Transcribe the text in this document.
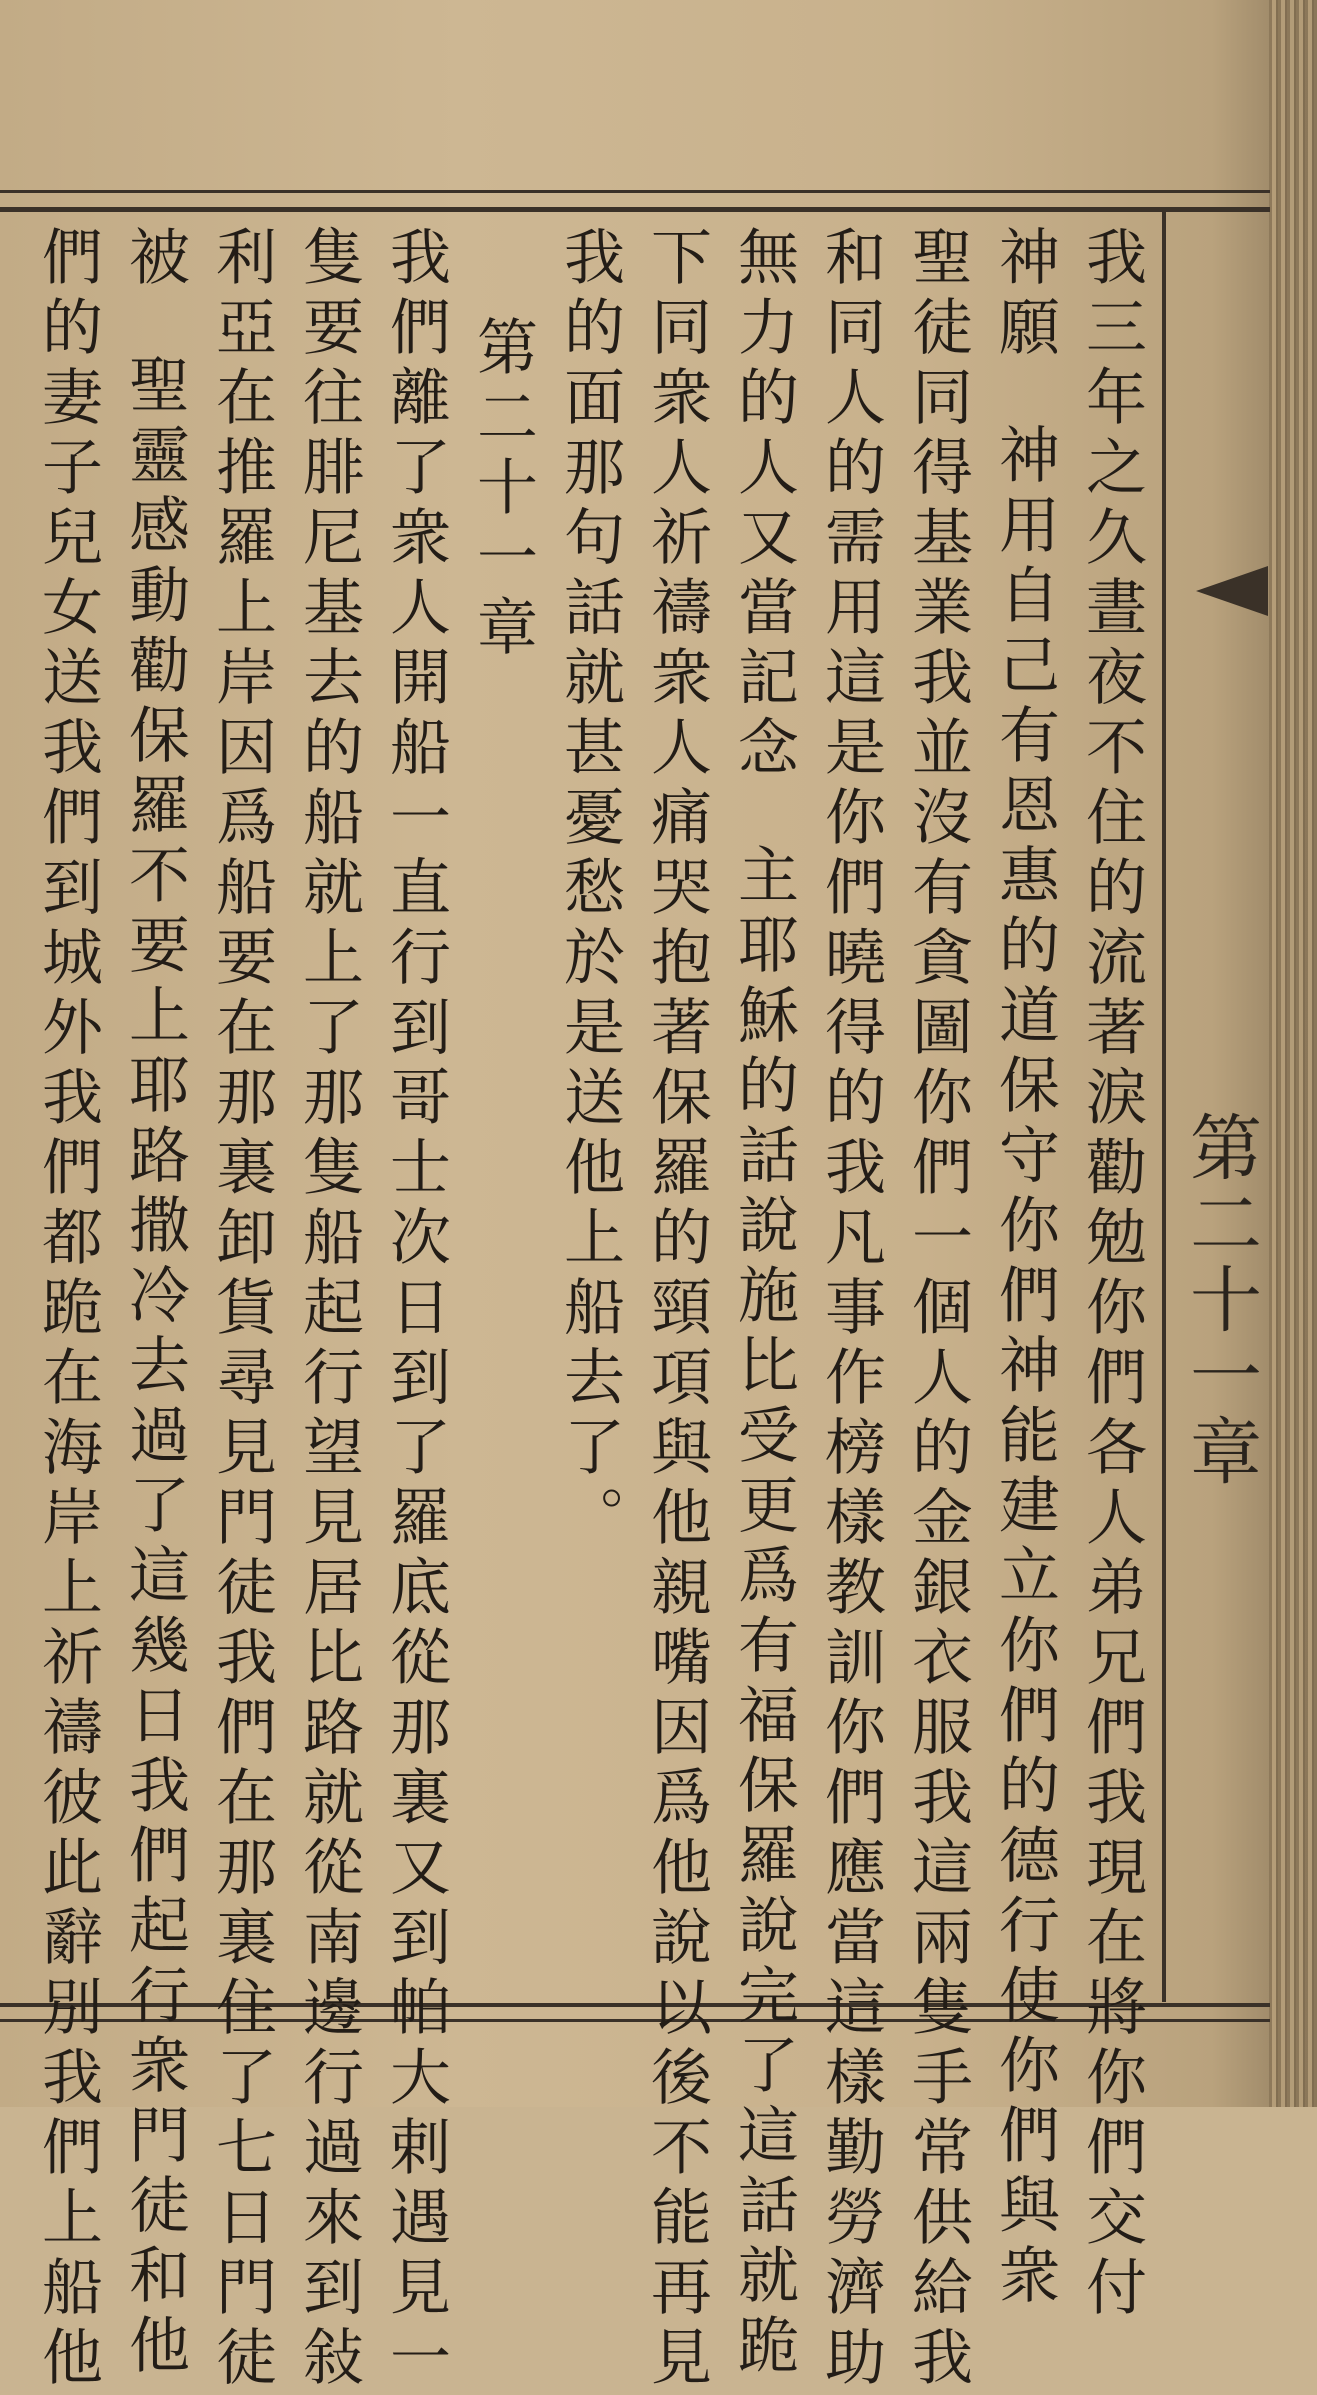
第二十一章
我三年之久晝夜不住的流著淚勸勉你們各人弟兄們我現在將你們交付
神願神用自己有恩惠的道保守你們神能建立你們的德行使你們與衆
聖徒同得基業我並沒有貪圖你們一個人的金銀衣服我這兩隻手常供給我
和同人的需用這是你們曉得的我凡事作榜樣教訓你們應當這樣勤勞濟助
無力的人又當記念主耶穌的話說施比受更爲有福保羅說完了這話就跪
下同衆人祈禱衆人痛哭抱著保羅的頸項與他親嘴因爲他說以後不能再見
我的面那句話就甚憂愁於是送他上船去了。
第二十一章
我們離了衆人開船一直行到哥士次日到了羅底從那裏又到帕大剌遇見一
隻要往腓尼基去的船就上了那隻船起行望見居比路就從南邊行過來到敍
利亞在推羅上岸因爲船要在那裏卸貨尋見門徒我們在那裏住了七日門徒
被聖靈感動勸保羅不要上耶路撒冷去過了這幾日我們起行衆門徒和他
們的妻子兒女送我們到城外我們都跪在海岸上祈禱彼此辭別我們上船他
